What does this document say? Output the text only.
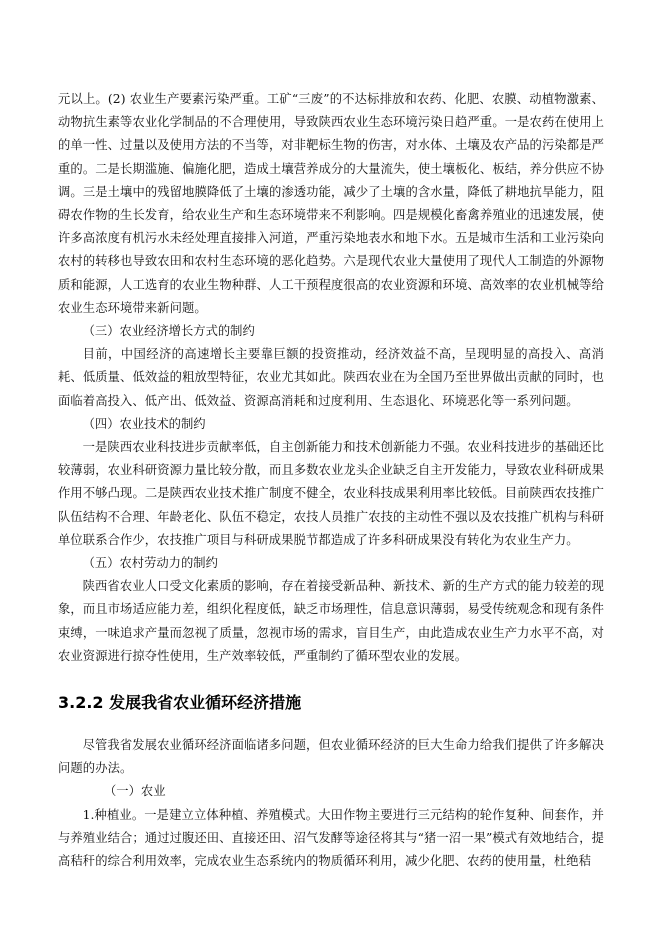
元以上。(2) 农业生产要素污染严重。工矿“三废”的不达标排放和农药、化肥、农膜、动植物激素、动物抗生素等农业化学制品的不合理使用，导致陕西农业生态环境污染日趋严重。一是农药在使用上的单一性、过量以及使用方法的不当等，对非靶标生物的伤害，对水体、土壤及农产品的污染都是严重的。二是长期滥施、偏施化肥，造成土壤营养成分的大量流失，使土壤板化、板结，养分供应不协调。三是土壤中的残留地膜降低了土壤的渗透功能，减少了土壤的含水量，降低了耕地抗旱能力，阻碍农作物的生长发育，给农业生产和生态环境带来不利影响。四是规模化畜禽养殖业的迅速发展，使许多高浓度有机污水未经处理直接排入河道，严重污染地表水和地下水。五是城市生活和工业污染向农村的转移也导致农田和农村生态环境的恶化趋势。六是现代农业大量使用了现代人工制造的外源物质和能源，人工选育的农业生物种群、人工干预程度很高的农业资源和环境、高效率的农业机械等给农业生态环境带来新问题。

（三）农业经济增长方式的制约

目前，中国经济的高速增长主要靠巨额的投资推动，经济效益不高，呈现明显的高投入、高消耗、低质量、低效益的粗放型特征，农业尤其如此。陕西农业在为全国乃至世界做出贡献的同时，也面临着高投入、低产出、低效益、资源高消耗和过度利用、生态退化、环境恶化等一系列问题。

（四）农业技术的制约

一是陕西农业科技进步贡献率低，自主创新能力和技术创新能力不强。农业科技进步的基础还比较薄弱，农业科研资源力量比较分散，而且多数农业龙头企业缺乏自主开发能力，导致农业科研成果作用不够凸现。二是陕西农业技术推广制度不健全，农业科技成果利用率比较低。目前陕西农技推广队伍结构不合理、年龄老化、队伍不稳定，农技人员推广农技的主动性不强以及农技推广机构与科研单位联系合作少，农技推广项目与科研成果脱节都造成了许多科研成果没有转化为农业生产力。

（五）农村劳动力的制约

陕西省农业人口受文化素质的影响，存在着接受新品种、新技术、新的生产方式的能力较差的现象，而且市场适应能力差，组织化程度低，缺乏市场理性，信息意识薄弱，易受传统观念和现有条件束缚，一味追求产量而忽视了质量，忽视市场的需求，盲目生产，由此造成农业生产力水平不高，对农业资源进行掠夺性使用，生产效率较低，严重制约了循环型农业的发展。

3.2.2 发展我省农业循环经济措施

尽管我省发展农业循环经济面临诸多问题，但农业循环经济的巨大生命力给我们提供了许多解决问题的办法。

（一）农业

1.种植业。一是建立立体种植、养殖模式。大田作物主要进行三元结构的轮作复种、间套作，并与养殖业结合；通过过腹还田、直接还田、沼气发酵等途径将其与“猪一沼一果”模式有效地结合，提高秸秆的综合利用效率，完成农业生态系统内的物质循环利用，减少化肥、农药的使用量，杜绝秸
